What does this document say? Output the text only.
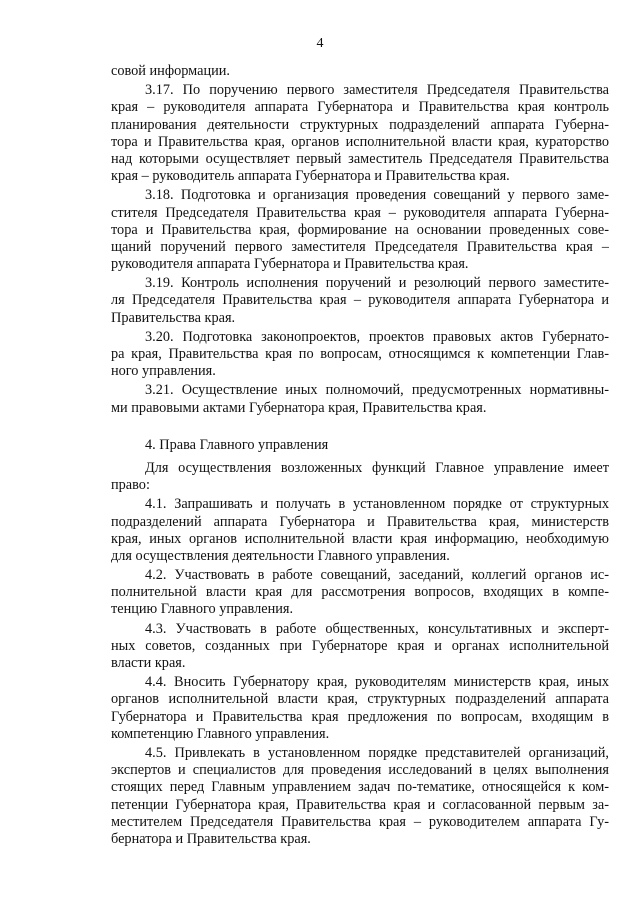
4
совой информации.
3.17. По поручению первого заместителя Председателя Правительства
края – руководителя аппарата Губернатора и Правительства края контроль
планирования деятельности структурных подразделений аппарата Губерна-
тора и Правительства края, органов исполнительной власти края, кураторство
над которыми осуществляет первый заместитель Председателя Правительства
края – руководитель аппарата Губернатора и Правительства края.
3.18. Подготовка и организация проведения совещаний у первого заме-
стителя Председателя Правительства края – руководителя аппарата Губерна-
тора и Правительства края, формирование на основании проведенных сове-
щаний поручений первого заместителя Председателя Правительства края –
руководителя аппарата Губернатора и Правительства края.
3.19. Контроль исполнения поручений и резолюций первого заместите-
ля Председателя Правительства края – руководителя аппарата Губернатора и
Правительства края.
3.20. Подготовка законопроектов, проектов правовых актов Губернато-
ра края, Правительства края по вопросам, относящимся к компетенции Глав-
ного управления.
3.21. Осуществление иных полномочий, предусмотренных нормативны-
ми правовыми актами Губернатора края, Правительства края.
4. Права Главного управления
Для осуществления возложенных функций Главное управление имеет
право:
4.1. Запрашивать и получать в установленном порядке от структурных
подразделений аппарата Губернатора и Правительства края, министерств
края, иных органов исполнительной власти края информацию, необходимую
для осуществления деятельности Главного управления.
4.2. Участвовать в работе совещаний, заседаний, коллегий органов ис-
полнительной власти края для рассмотрения вопросов, входящих в компе-
тенцию Главного управления.
4.3. Участвовать в работе общественных, консультативных и эксперт-
ных советов, созданных при Губернаторе края и органах исполнительной
власти края.
4.4. Вносить Губернатору края, руководителям министерств края, иных
органов исполнительной власти края, структурных подразделений аппарата
Губернатора и Правительства края предложения по вопросам, входящим в
компетенцию Главного управления.
4.5. Привлекать в установленном порядке представителей организаций,
экспертов и специалистов для проведения исследований в целях выполнения
стоящих перед Главным управлением задач по-тематике, относящейся к ком-
петенции Губернатора края, Правительства края и согласованной первым за-
местителем Председателя Правительства края – руководителем аппарата Гу-
бернатора и Правительства края.
